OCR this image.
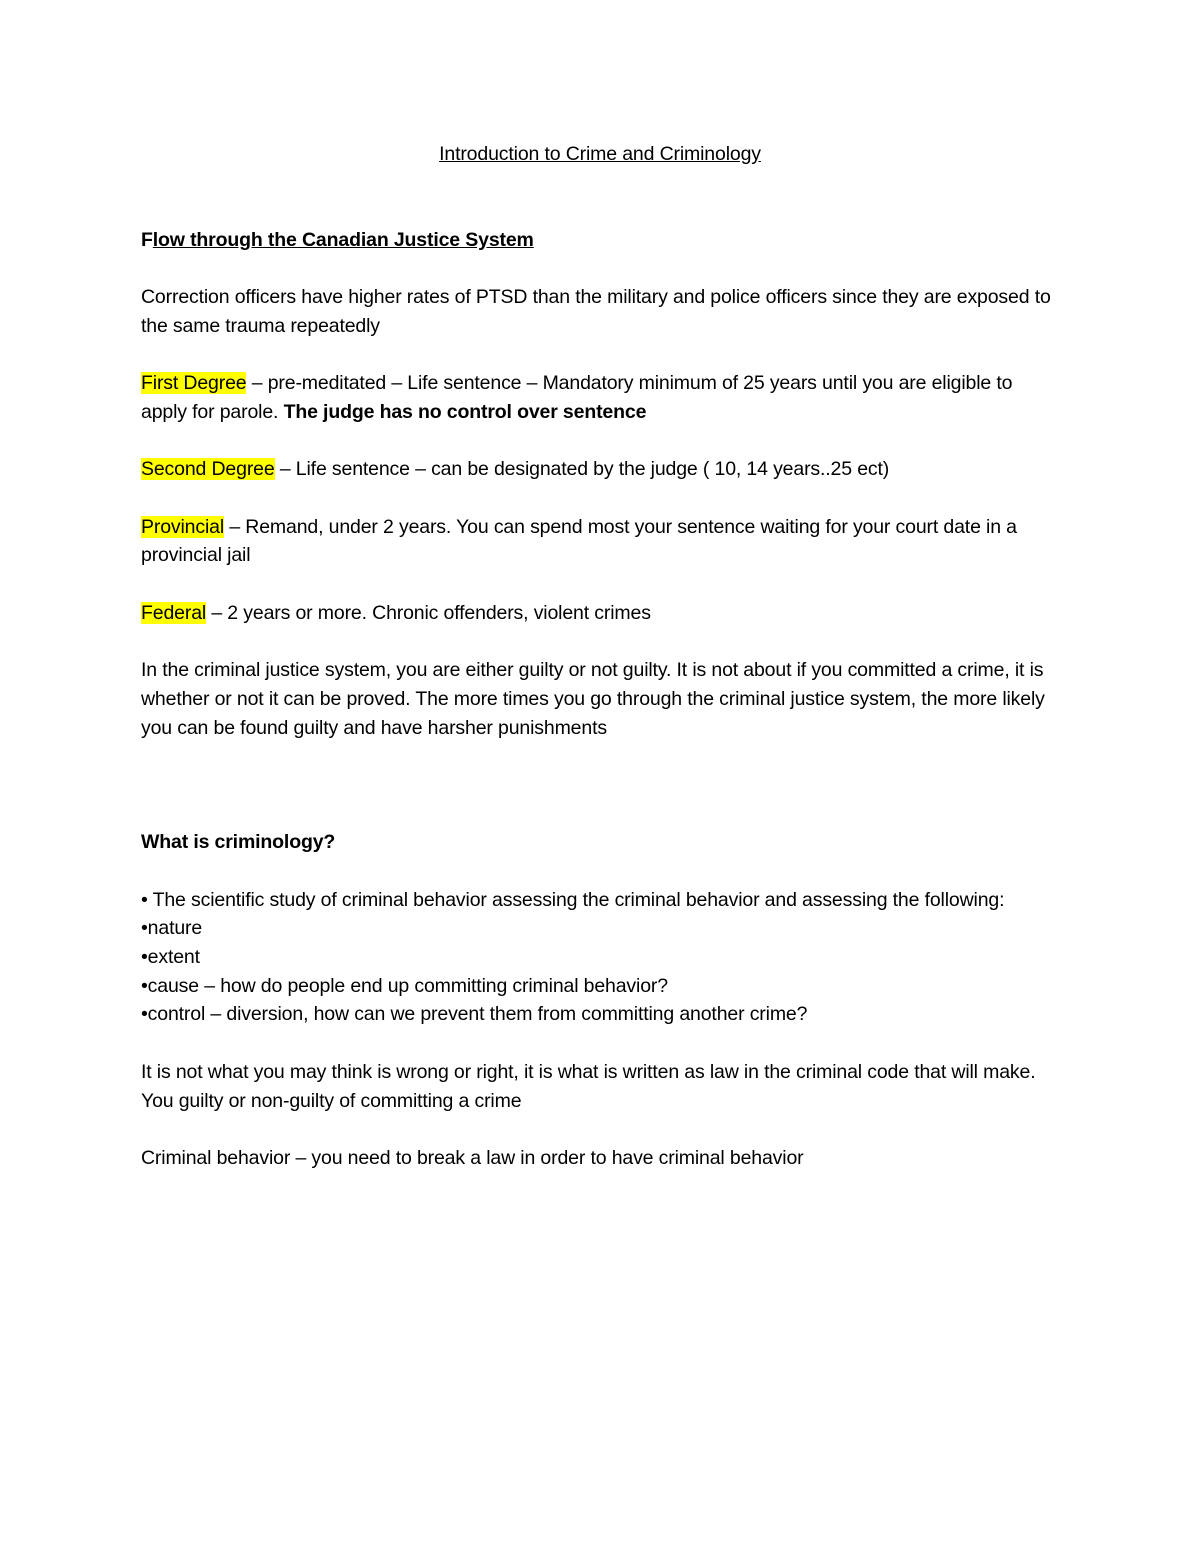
Introduction to Crime and Criminology

Flow through the Canadian Justice System

Correction officers have higher rates of PTSD than the military and police officers since they are exposed to the same trauma repeatedly

First Degree – pre-meditated – Life sentence – Mandatory minimum of 25 years until you are eligible to apply for parole. The judge has no control over sentence

Second Degree – Life sentence – can be designated by the judge ( 10, 14 years..25 ect)

Provincial – Remand, under 2 years. You can spend most your sentence waiting for your court date in a provincial jail

Federal – 2 years or more. Chronic offenders, violent crimes

In the criminal justice system, you are either guilty or not guilty. It is not about if you committed a crime, it is whether or not it can be proved. The more times you go through the criminal justice system, the more likely you can be found guilty and have harsher punishments

What is criminology?

• The scientific study of criminal behavior assessing the criminal behavior and assessing the following:

•nature

•extent

•cause – how do people end up committing criminal behavior?

•control – diversion, how can we prevent them from committing another crime?

It is not what you may think is wrong or right, it is what is written as law in the criminal code that will make. You guilty or non-guilty of committing a crime

Criminal behavior – you need to break a law in order to have criminal behavior
